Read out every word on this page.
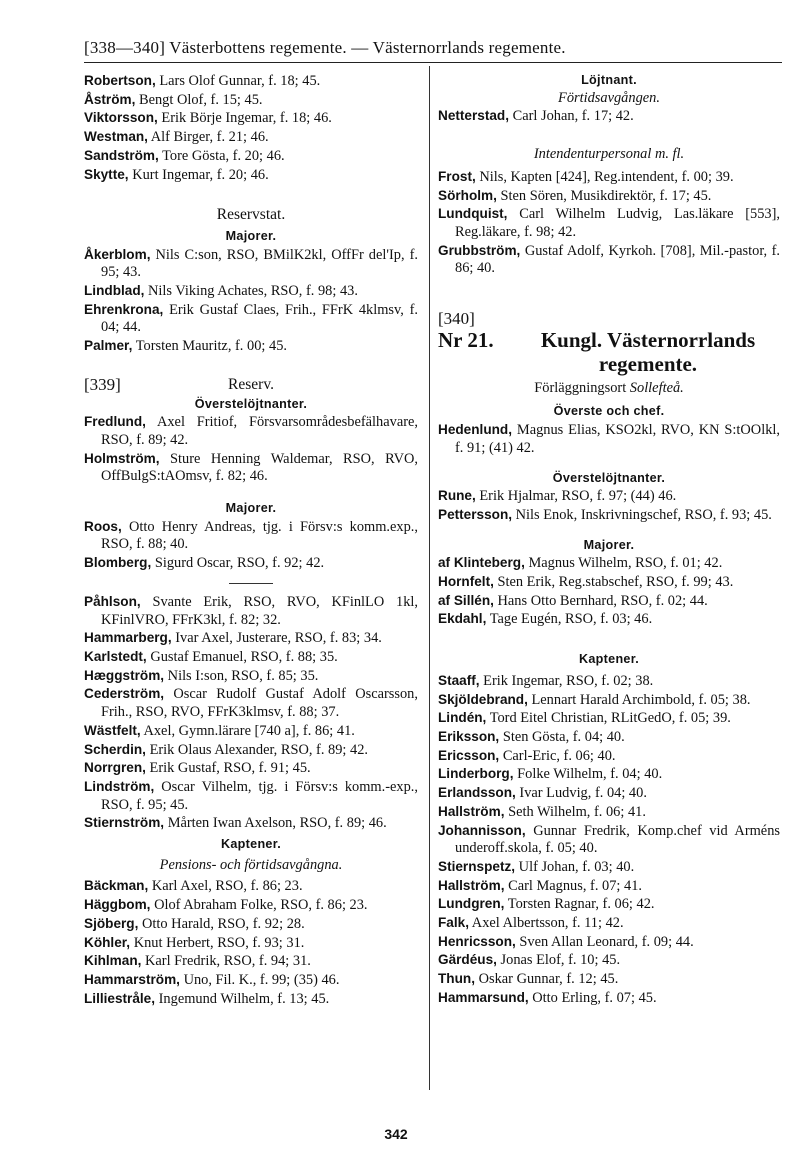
[338—340] Västerbottens regemente. — Västernorrlands regemente.
Robertson, Lars Olof Gunnar, f. 18; 45.
Åström, Bengt Olof, f. 15; 45.
Viktorsson, Erik Börje Ingemar, f. 18; 46.
Westman, Alf Birger, f. 21; 46.
Sandström, Tore Gösta, f. 20; 46.
Skytte, Kurt Ingemar, f. 20; 46.
Reservstat.
Majorer.
Åkerblom, Nils C:son, RSO, BMilK2kl, OffFr del'Ip, f. 95; 43.
Lindblad, Nils Viking Achates, RSO, f. 98; 43.
Ehrenkrona, Erik Gustaf Claes, Frih., FFrK 4klmsv, f. 04; 44.
Palmer, Torsten Mauritz, f. 00; 45.
[339]	Reserv.
Överstelöjtnanter.
Fredlund, Axel Fritiof, Försvarsområdesbefälhavare, RSO, f. 89; 42.
Holmström, Sture Henning Waldemar, RSO, RVO, OffBulgS:tAOmsv, f. 82; 46.
Majorer.
Roos, Otto Henry Andreas, tjg. i Försv:s komm.exp., RSO, f. 88; 40.
Blomberg, Sigurd Oscar, RSO, f. 92; 42.
Påhlson, Svante Erik, RSO, RVO, KFinlLO 1kl, KFinlVRO, FFrK3kl, f. 82; 32.
Hammarberg, Ivar Axel, Justerare, RSO, f. 83; 34.
Karlstedt, Gustaf Emanuel, RSO, f. 88; 35.
Hæggström, Nils I:son, RSO, f. 85; 35.
Cederström, Oscar Rudolf Gustaf Adolf Oscarsson, Frih., RSO, RVO, FFrK3klmsv, f. 88; 37.
Wästfelt, Axel, Gymn.lärare [740 a], f. 86; 41.
Scherdin, Erik Olaus Alexander, RSO, f. 89; 42.
Norrgren, Erik Gustaf, RSO, f. 91; 45.
Lindström, Oscar Vilhelm, tjg. i Försv:s komm.-exp., RSO, f. 95; 45.
Stiernström, Mårten Iwan Axelson, RSO, f. 89; 46.
Kaptener.
Pensions- och förtidsavgångna.
Bäckman, Karl Axel, RSO, f. 86; 23.
Häggbom, Olof Abraham Folke, RSO, f. 86; 23.
Sjöberg, Otto Harald, RSO, f. 92; 28.
Köhler, Knut Herbert, RSO, f. 93; 31.
Kihlman, Karl Fredrik, RSO, f. 94; 31.
Hammarström, Uno, Fil. K., f. 99; (35) 46.
Lilliestråle, Ingemund Wilhelm, f. 13; 45.
Löjtnant.
Förtidsavgången.
Netterstad, Carl Johan, f. 17; 42.
Intendenturpersonal m. fl.
Frost, Nils, Kapten [424], Reg.intendent, f. 00; 39.
Sörholm, Sten Sören, Musikdirektör, f. 17; 45.
Lundquist, Carl Wilhelm Ludvig, Las.läkare [553], Reg.läkare, f. 98; 42.
Grubbström, Gustaf Adolf, Kyrkoh. [708], Mil.-pastor, f. 86; 40.
[340]
Nr 21.	Kungl. Västernorrlands regemente.
Förläggningsort Sollefteå.
Överste och chef.
Hedenlund, Magnus Elias, KSO2kl, RVO, KN S:tOOlkl, f. 91; (41) 42.
Överstelöjtnanter.
Rune, Erik Hjalmar, RSO, f. 97; (44) 46.
Pettersson, Nils Enok, Inskrivningschef, RSO, f. 93; 45.
Majorer.
af Klinteberg, Magnus Wilhelm, RSO, f. 01; 42.
Hornfelt, Sten Erik, Reg.stabschef, RSO, f. 99; 43.
af Sillén, Hans Otto Bernhard, RSO, f. 02; 44.
Ekdahl, Tage Eugén, RSO, f. 03; 46.
Kaptener.
Staaff, Erik Ingemar, RSO, f. 02; 38.
Skjöldebrand, Lennart Harald Archimbold, f. 05; 38.
Lindén, Tord Eitel Christian, RLitGedO, f. 05; 39.
Eriksson, Sten Gösta, f. 04; 40.
Ericsson, Carl-Eric, f. 06; 40.
Linderborg, Folke Wilhelm, f. 04; 40.
Erlandsson, Ivar Ludvig, f. 04; 40.
Hallström, Seth Wilhelm, f. 06; 41.
Johannisson, Gunnar Fredrik, Komp.chef vid Arméns underoff.skola, f. 05; 40.
Stiernspetz, Ulf Johan, f. 03; 40.
Hallström, Carl Magnus, f. 07; 41.
Lundgren, Torsten Ragnar, f. 06; 42.
Falk, Axel Albertsson, f. 11; 42.
Henricsson, Sven Allan Leonard, f. 09; 44.
Gärdéus, Jonas Elof, f. 10; 45.
Thun, Oskar Gunnar, f. 12; 45.
Hammarsund, Otto Erling, f. 07; 45.
342
